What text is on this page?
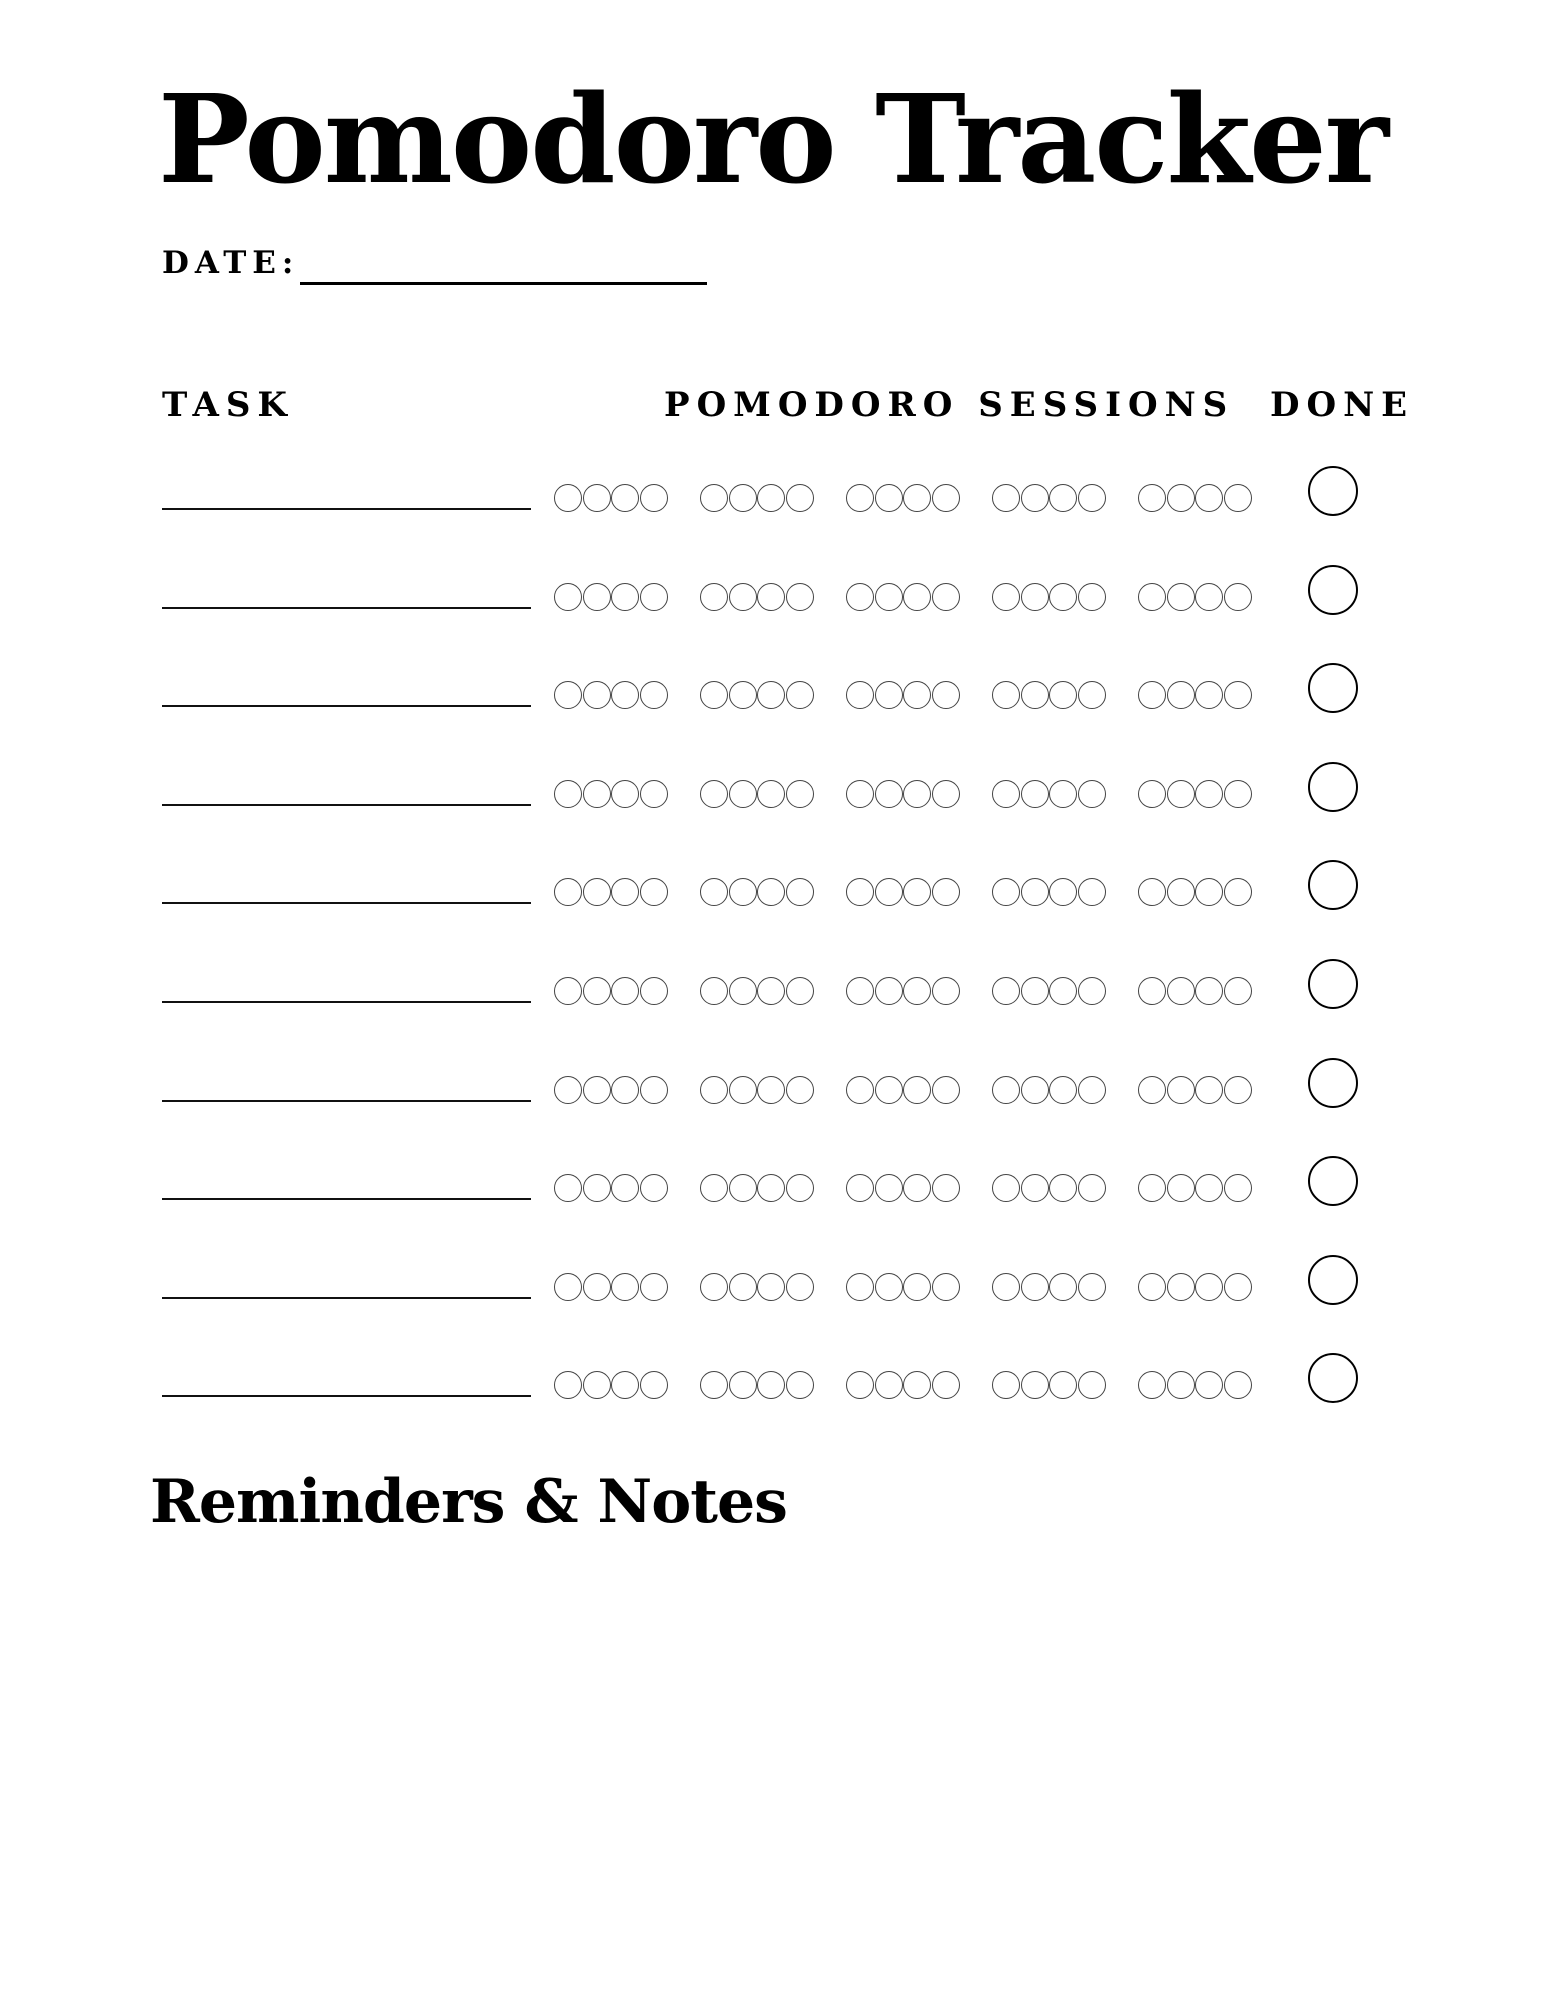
Pomodoro Tracker
DATE:
TASK	POMODORO SESSIONS DONE
Reminders & Notes
